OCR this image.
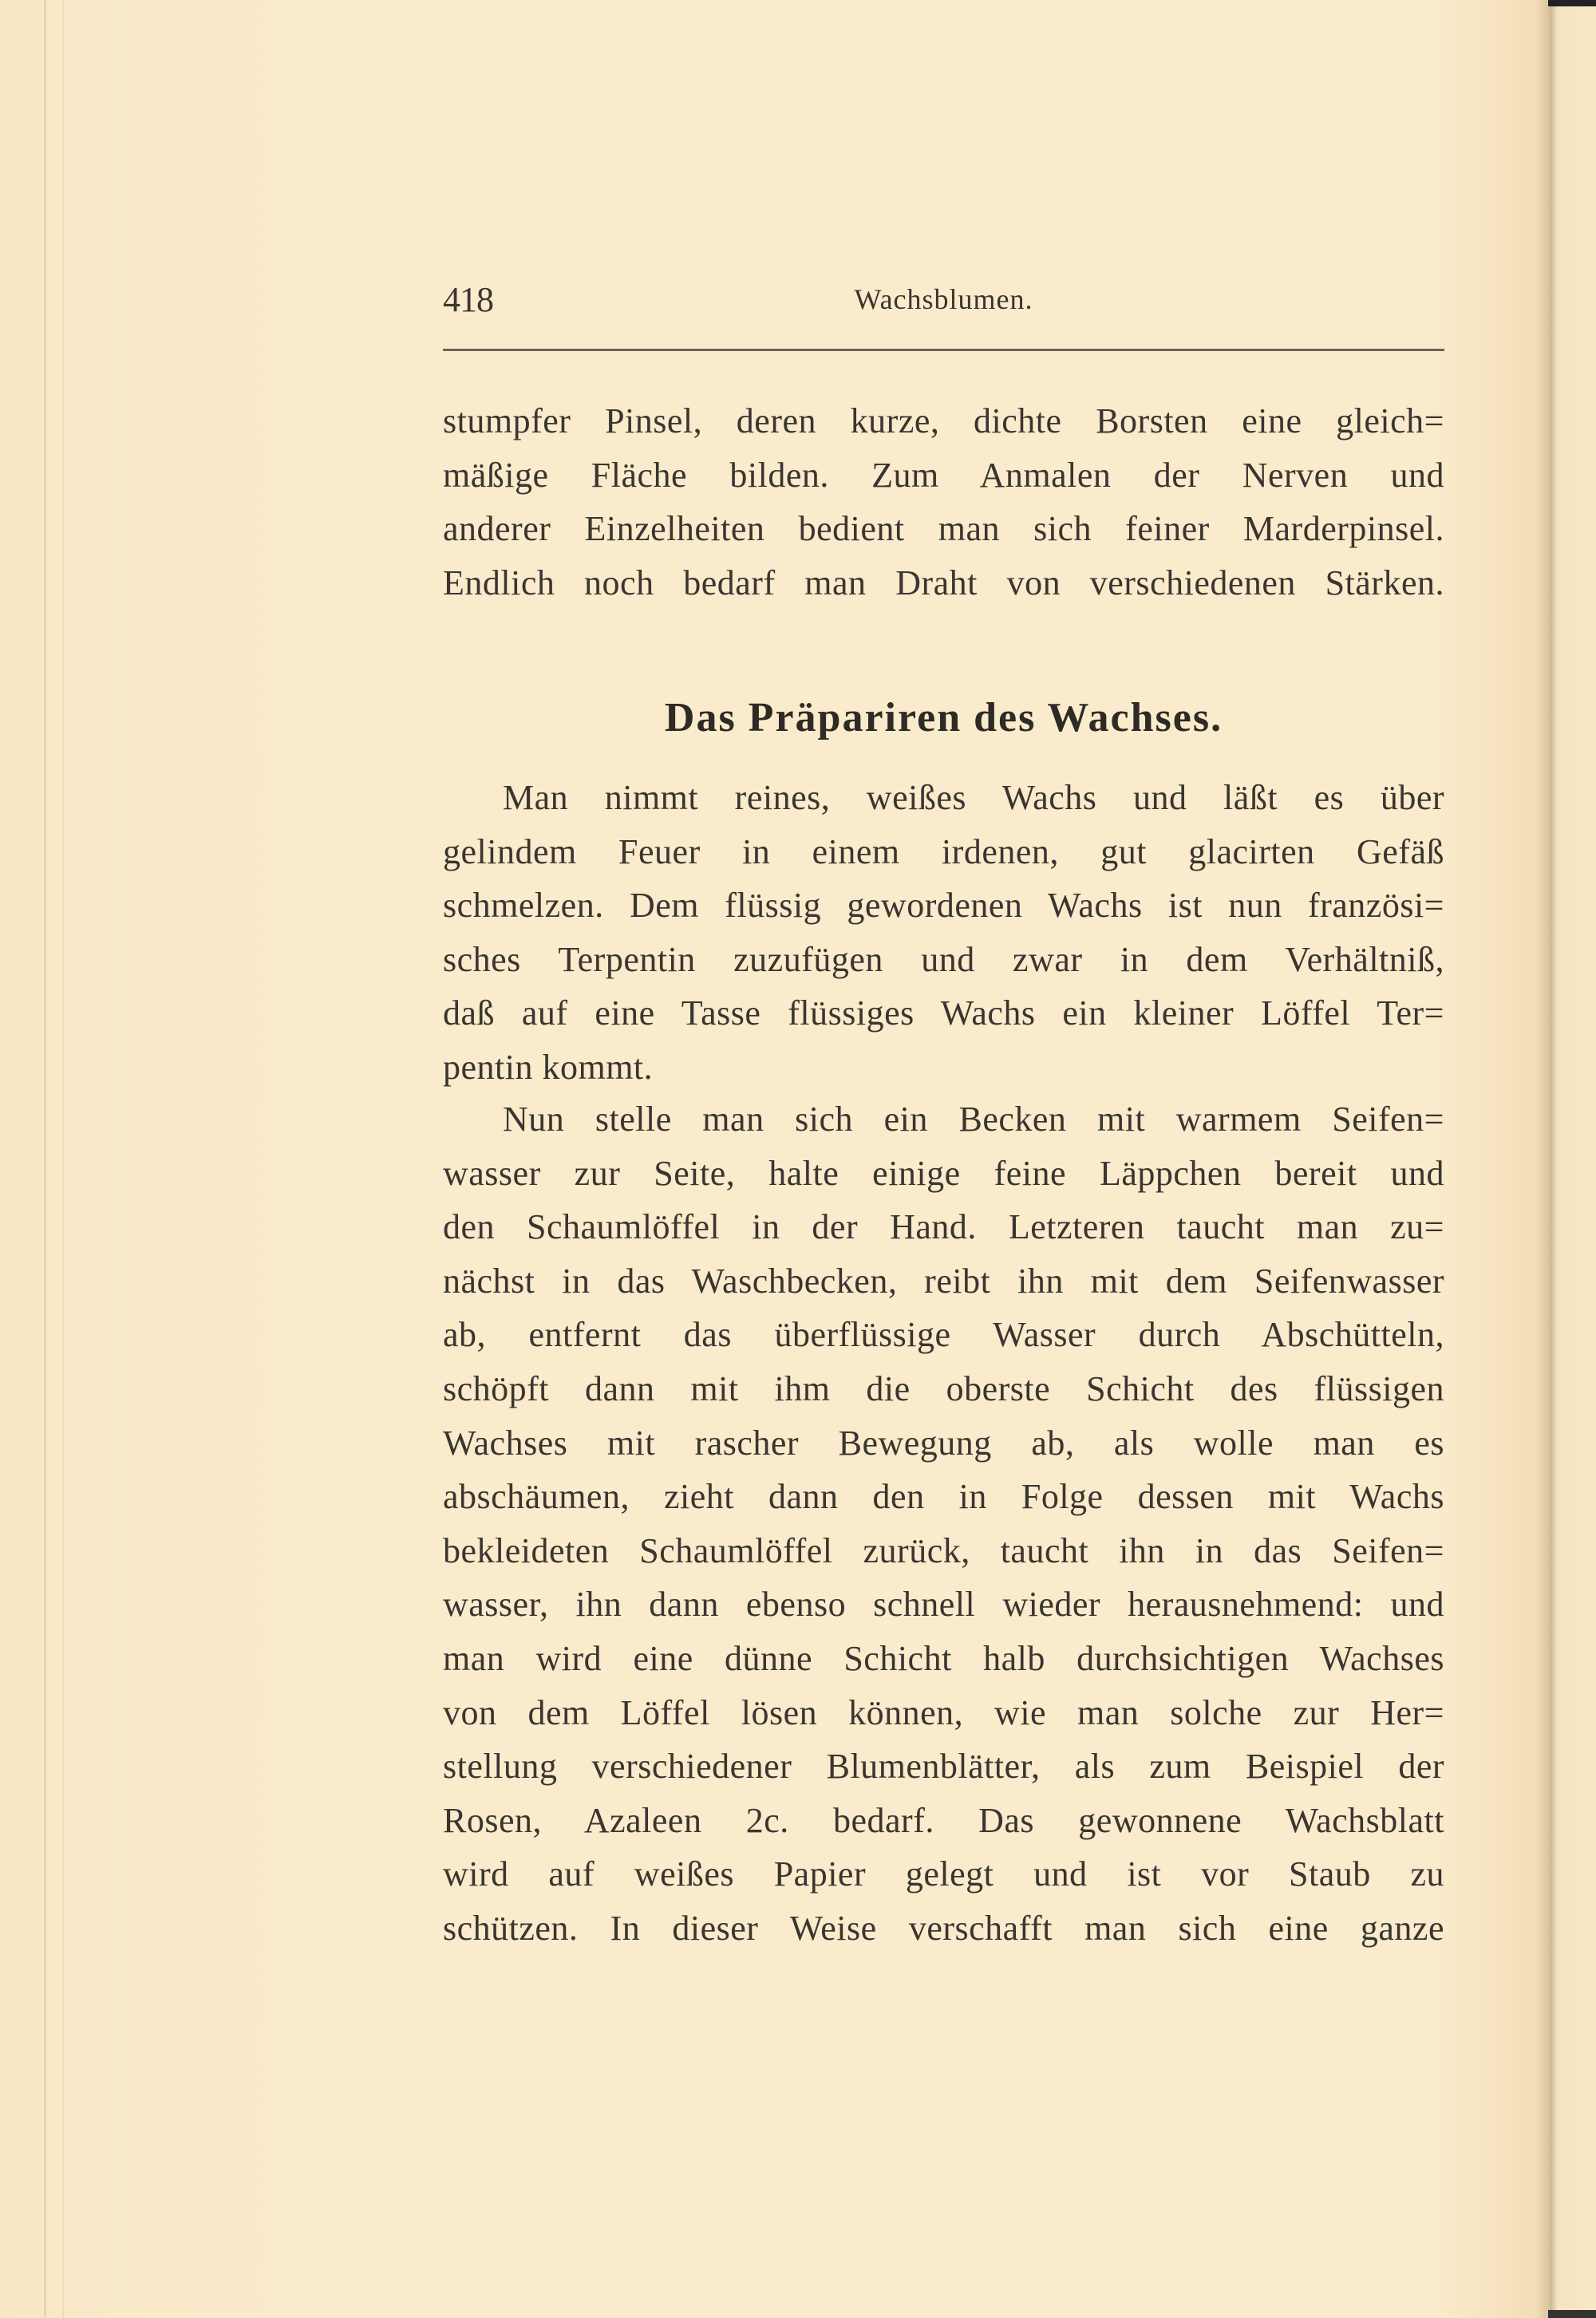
418	Wachsblumen.
stumpfer Pinsel, deren kurze, dichte Borsten eine gleich=
mäßige Fläche bilden. Zum Anmalen der Nerven und
anderer Einzelheiten bedient man sich feiner Marderpinsel.
Endlich noch bedarf man Draht von verschiedenen Stärken.
Das Präpariren des Wachses.
Man nimmt reines, weißes Wachs und läßt es über
gelindem Feuer in einem irdenen, gut glacirten Gefäß
schmelzen. Dem flüssig gewordenen Wachs ist nun französi=
sches Terpentin zuzufügen und zwar in dem Verhältniß,
daß auf eine Tasse flüssiges Wachs ein kleiner Löffel Ter=
pentin kommt.
Nun stelle man sich ein Becken mit warmem Seifen=
wasser zur Seite, halte einige feine Läppchen bereit und
den Schaumlöffel in der Hand. Letzteren taucht man zu=
nächst in das Waschbecken, reibt ihn mit dem Seifenwasser
ab, entfernt das überflüssige Wasser durch Abschütteln,
schöpft dann mit ihm die oberste Schicht des flüssigen
Wachses mit rascher Bewegung ab, als wolle man es
abschäumen, zieht dann den in Folge dessen mit Wachs
bekleideten Schaumlöffel zurück, taucht ihn in das Seifen=
wasser, ihn dann ebenso schnell wieder herausnehmend: und
man wird eine dünne Schicht halb durchsichtigen Wachses
von dem Löffel lösen können, wie man solche zur Her=
stellung verschiedener Blumenblätter, als zum Beispiel der
Rosen, Azaleen 2c. bedarf. Das gewonnene Wachsblatt
wird auf weißes Papier gelegt und ist vor Staub zu
schützen. In dieser Weise verschafft man sich eine ganze
